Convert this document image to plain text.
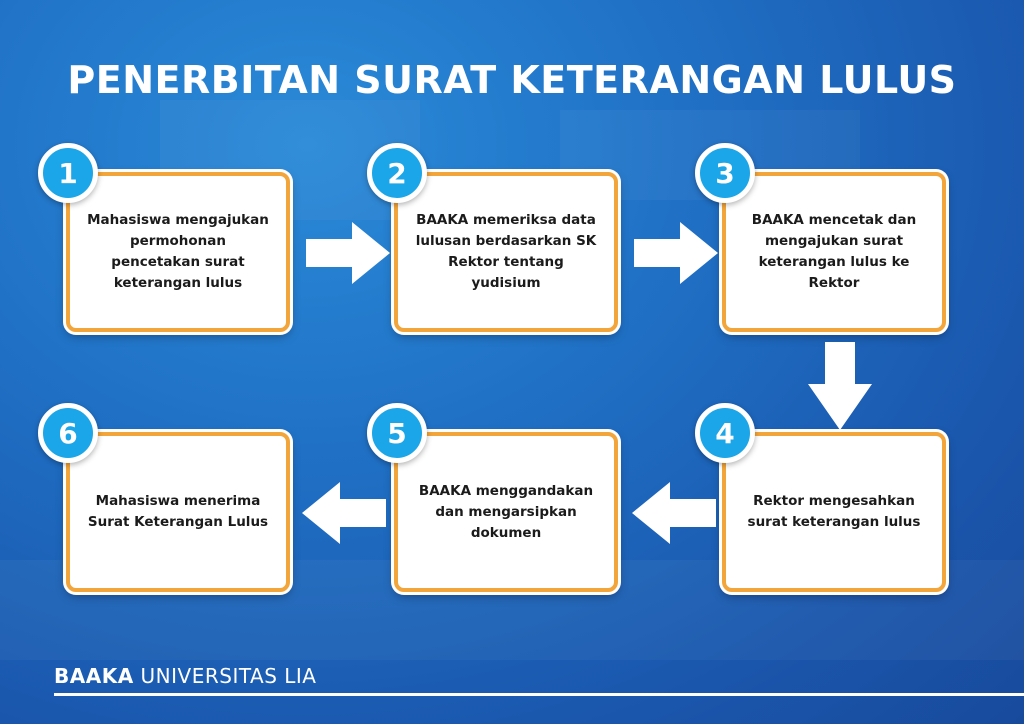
PENERBITAN SURAT KETERANGAN LULUS
Mahasiswa mengajukan permohonan pencetakan surat keterangan lulus
1
BAAKA memeriksa data lulusan berdasarkan SK Rektor tentang yudisium
2
BAAKA mencetak dan mengajukan surat keterangan lulus ke Rektor
3
Mahasiswa menerima Surat Keterangan Lulus
6
BAAKA menggandakan dan mengarsipkan dokumen
5
Rektor mengesahkan surat keterangan lulus
4
BAAKA UNIVERSITAS LIA
